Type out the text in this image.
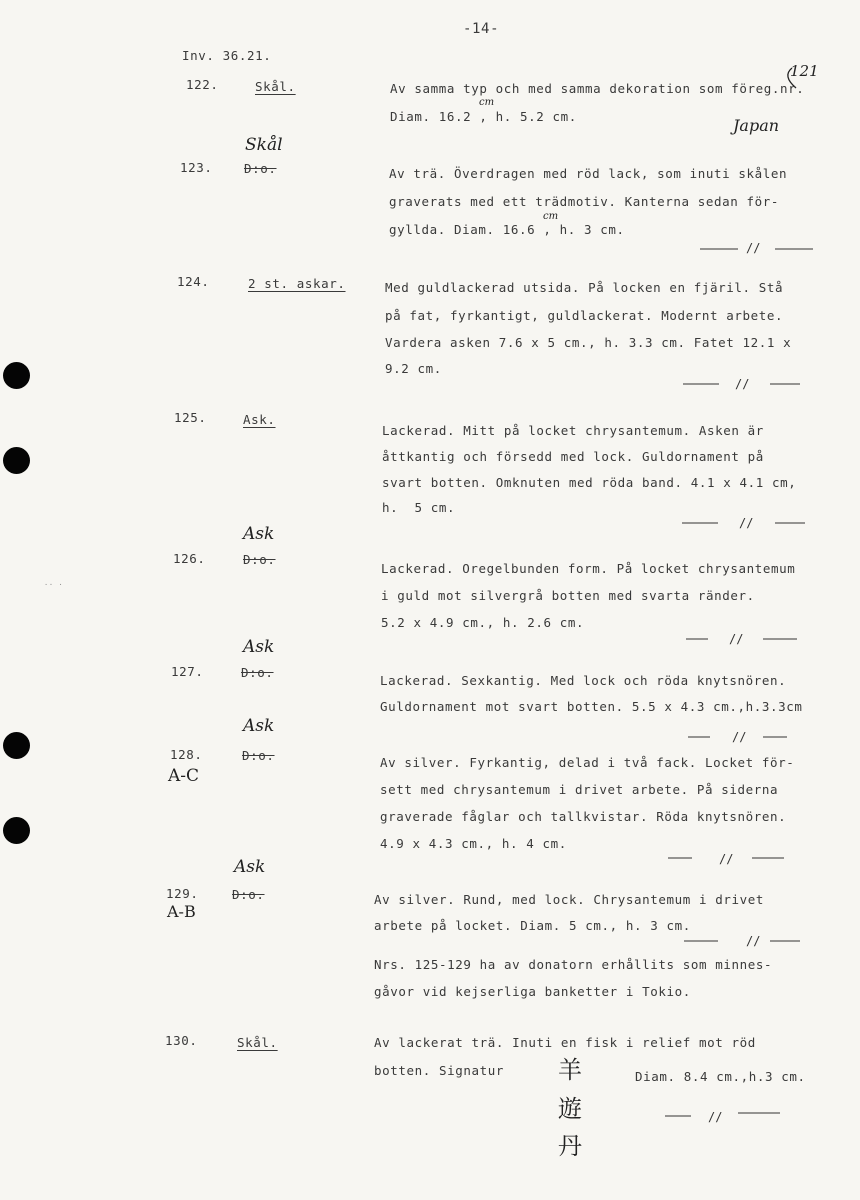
·· ·
-14-
Inv. 36.21.
121
Japan
122.	Skål.	Av samma typ och med samma dekoration som föreg.nr.
Diam. 16.2 , h. 5.2 cm.
cm
Skål
123.	D:o.	Av trä. Överdragen med röd lack, som inuti skålen
graverats med ett trädmotiv. Kanterna sedan för-
gyllda. Diam. 16.6 , h. 3 cm.
cm
//
124.	2 st. askar.	Med guldlackerad utsida. På locken en fjäril. Stå
på fat, fyrkantigt, guldlackerat. Modernt arbete.
Vardera asken 7.6 x 5 cm., h. 3.3 cm. Fatet 12.1 x
9.2 cm.
//
125.	Ask.
Lackerad. Mitt på locket chrysantemum. Asken är
åttkantig och försedd med lock. Guldornament på
svart botten. Omknuten med röda band. 4.1 x 4.1 cm,
h.  5 cm.
//
Ask
126.	D:o.
Lackerad. Oregelbunden form. På locket chrysantemum
i guld mot silvergrå botten med svarta ränder.
5.2 x 4.9 cm., h. 2.6 cm.
//
Ask
127.	D:o.
Lackerad. Sexkantig. Med lock och röda knytsnören.
Guldornament mot svart botten. 5.5 x 4.3 cm.,h.3.3cm
//
Ask
128.	D:o.
A-C
Av silver. Fyrkantig, delad i två fack. Locket för-
sett med chrysantemum i drivet arbete. På siderna
graverade fåglar och tallkvistar. Röda knytsnören.
4.9 x 4.3 cm., h. 4 cm.
//
Ask
129.	D:o.
A-B
Av silver. Rund, med lock. Chrysantemum i drivet
arbete på locket. Diam. 5 cm., h. 3 cm.
//
Nrs. 125-129 ha av donatorn erhållits som minnes-
gåvor vid kejserliga banketter i Tokio.
130.	Skål.	Av lackerat trä. Inuti en fisk i relief mot röd
botten. Signatur	Diam. 8.4 cm.,h.3 cm.
羊
遊
丹
//
